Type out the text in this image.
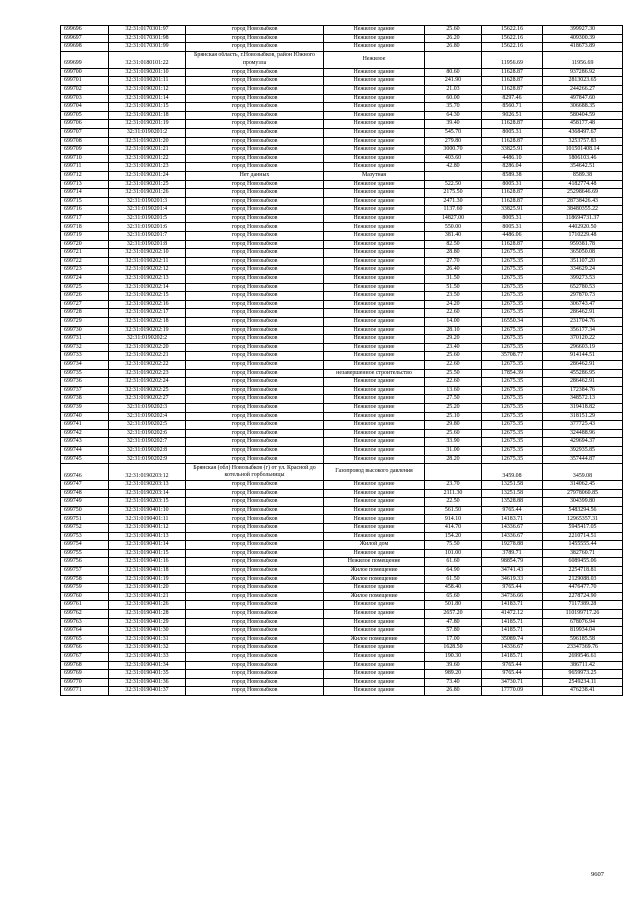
699696	32:31:0170301:97	город Новозыбков	Нежилое здание	25.60	15622.16	399927.30
699697	32:31:0170301:98	город Новозыбков	Нежилое здание	26.20	15622.16	409300.39
699698	32:31:0170301:99	город Новозыбков	Нежилое здание	26.80	15622.16	418673.89
699699	32:31:0180101:22	Брянская область, г.Новозыбков, район Южного промузла	Нежилое		11956.69	11956.69
699700	32:31:0190201:10	город Новозыбков	Нежилое здание	80.60	11628.87	937286.92
699701	32:31:0190201:11	город Новозыбков	Нежилое здание	241.90	11628.87	2813023.65
699702	32:31:0190201:12	город Новозыбков	Нежилое здание	21.03	11628.87	244266.27
699703	32:31:0190201:14	город Новозыбков	Нежилое здание	60.00	8297.46	497847.60
699704	32:31:0190201:15	город Новозыбков	Нежилое здание	35.70	8560.71	306688.35
699705	32:31:0190201:18	город Новозыбков	Нежилое здание	64.30	9026.51	580404.59
699706	32:31:0190201:19	город Новозыбков	Нежилое здание	39.40	11628.87	458177.48
699707	32:31:0190201:2	город Новозыбков	Нежилое здание	545.70	8005.31	4368497.67
699708	32:31:0190201:20	город Новозыбков	Нежилое здание	279.80	11628.87	3253757.83
699709	32:31:0190201:21	город Новозыбков	Нежилое здание	3000.70	33825.91	101501408.14
699710	32:31:0190201:22	город Новозыбков	Нежилое здание	403.60	4486.10	1806103.46
699711	32:31:0190201:23	город Новозыбков	Нежилое здание	42.80	8286.04	354642.51
699712	32:31:0190201:24	Нет данных	Мазутная		8589.38	8589.38
699713	32:31:0190201:25	город Новозыбков	Нежилое здание	522.50	8005.31	4182774.48
699714	32:31:0190201:26	город Новозыбков	Нежилое здание	2175.50	11628.87	25298646.69
699715	32:31:0190201:3	город Новозыбков	Нежилое здание	2471.30	11628.87	28738426.43
699716	32:31:0190201:4	город Новозыбков	Нежилое здание	1137.60	33825.91	38480355.22
699717	32:31:0190201:5	город Новозыбков	Нежилое здание	14827.00	8005.31	118694731.37
699718	32:31:0190201:6	город Новозыбков	Нежилое здание	550.00	8005.31	4402920.50
699719	32:31:0190201:7	город Новозыбков	Нежилое здание	381.40	4486.06	1710229.48
699720	32:31:0190201:8	город Новозыбков	Нежилое здание	82.50	11628.87	959381.78
699721	32:31:0190202:10	город Новозыбков	Нежилое здание	28.80	12675.35	365050.08
699722	32:31:0190202:11	город Новозыбков	Нежилое здание	27.70	12675.35	351107.20
699723	32:31:0190202:12	город Новозыбков	Нежилое здание	26.40	12675.35	334629.24
699724	32:31:0190202:13	город Новозыбков	Нежилое здание	31.50	12675.35	399273.53
699725	32:31:0190202:14	город Новозыбков	Нежилое здание	51.50	12675.35	652780.53
699726	32:31:0190202:15	город Новозыбков	Нежилое здание	23.50	12675.35	297870.73
699727	32:31:0190202:16	город Новозыбков	Нежилое здание	24.20	12675.35	306743.47
699728	32:31:0190202:17	город Новозыбков	Нежилое здание	22.60	12675.35	286462.91
699729	32:31:0190202:18	город Новозыбков	Нежилое здание	14.00	16550.34	231704.76
699730	32:31:0190202:19	город Новозыбков	Нежилое здание	28.10	12675.35	356177.34
699731	32:31:0190202:2	город Новозыбков	Нежилое здание	29.20	12675.35	370120.22
699732	32:31:0190202:20	город Новозыбков	Нежилое здание	23.40	12675.35	296603.19
699733	32:31:0190202:21	город Новозыбков	Нежилое здание	25.60	35708.77	914144.51
699734	32:31:0190202:22	город Новозыбков	Нежилое здание	22.60	12675.35	286462.91
699735	32:31:0190202:23	город Новозыбков	незавершенное строительство	25.50	17854.39	455286.95
699736	32:31:0190202:24	город Новозыбков	Нежилое здание	22.60	12675.35	286462.91
699737	32:31:0190202:25	город Новозыбков	Нежилое здание	13.60	12675.35	172384.76
699738	32:31:0190202:27	город Новозыбков	Нежилое здание	27.50	12675.35	348572.13
699739	32:31:0190202:3	город Новозыбков	Нежилое здание	25.20	12675.35	319418.82
699740	32:31:0190202:4	город Новозыбков	Нежилое здание	25.10	12675.35	318151.29
699741	32:31:0190202:5	город Новозыбков	Нежилое здание	29.80	12675.35	377725.43
699742	32:31:0190202:6	город Новозыбков	Нежилое здание	25.60	12675.35	324488.96
699743	32:31:0190202:7	город Новозыбков	Нежилое здание	33.90	12675.35	429694.37
699744	32:31:0190202:8	город Новозыбков	Нежилое здание	31.00	12675.35	392935.85
699745	32:31:0190202:9	город Новозыбков	Нежилое здание	28.20	12675.35	357444.87
699746	32:31:0190203:12	Брянская (обл) Новозыбков (г) от ул. Красной до котельной горбольницы	Газопровод высокого давления		3459.08	3459.08
699747	32:31:0190203:13	город Новозыбков	Нежилое здание	23.70	13251.58	314062.45
699748	32:31:0190203:14	город Новозыбков	Нежилое здание	2111.30	13251.58	27978060.85
699749	32:31:0190203:15	город Новозыбков	Нежилое здание	22.50	13528.88	304399.80
699750	32:31:0190401:10	город Новозыбков	Нежилое здание	561.50	9765.44	5483294.56
699751	32:31:0190401:11	город Новозыбков	Нежилое здание	914.10	14183.71	12965357.31
699752	32:31:0190401:12	город Новозыбков	Нежилое здание	414.70	14336.67	5945417.05
699753	32:31:0190401:13	город Новозыбков	Нежилое здание	154.20	14336.67	2210714.51
699754	32:31:0190401:14	город Новозыбков	Жилой дом	75.50	19278.88	1455555.44
699755	32:31:0190401:15	город Новозыбков	Нежилое здание	101.00	3789.71	382760.71
699756	32:31:0190401:16	город Новозыбков	Нежилое помещение	61.60	98854.79	6089455.06
699757	32:31:0190401:18	город Новозыбков	Жилое помещение	64.90	34741.43	2254718.81
699758	32:31:0190401:19	город Новозыбков	Жилое помещение	61.50	34619.33	2129088.03
699759	32:31:0190401:20	город Новозыбков	Нежилое здание	458.40	9765.44	4476477.70
699760	32:31:0190401:21	город Новозыбков	Жилое помещение	65.60	34736.66	2278724.90
699761	32:31:0190401:26	город Новозыбков	Нежилое здание	501.80	14183.71	7117389.28
699762	32:31:0190401:28	город Новозыбков	Нежилое здание	2657.20	41472.12	110199717.26
699763	32:31:0190401:29	город Новозыбков	Нежилое здание	47.80	14185.71	678076.94
699764	32:31:0190401:30	город Новозыбков	Нежилое здание	57.80	14185.71	819934.04
699765	32:31:0190401:31	город Новозыбков	Жилое помещение	17.00	35089.74	596185.58
699766	32:31:0190401:32	город Новозыбков	Нежилое здание	1628.50	14336.67	23347369.76
699767	32:31:0190401:33	город Новозыбков	Нежилое здание	190.30	14185.71	2699546.61
699768	32:31:0190401:34	город Новозыбков	Нежилое здание	39.60	9765.44	386711.42
699769	32:31:0190401:35	город Новозыбков	Нежилое здание	989.20	9765.44	9659973.25
699770	32:31:0190401:36	город Новозыбков	Нежилое здание	73.40	34730.71	2549234.11
699771	32:31:0190401:37	город Новозыбков	Нежилое здание	26.80	17770.09	476238.41
9607
